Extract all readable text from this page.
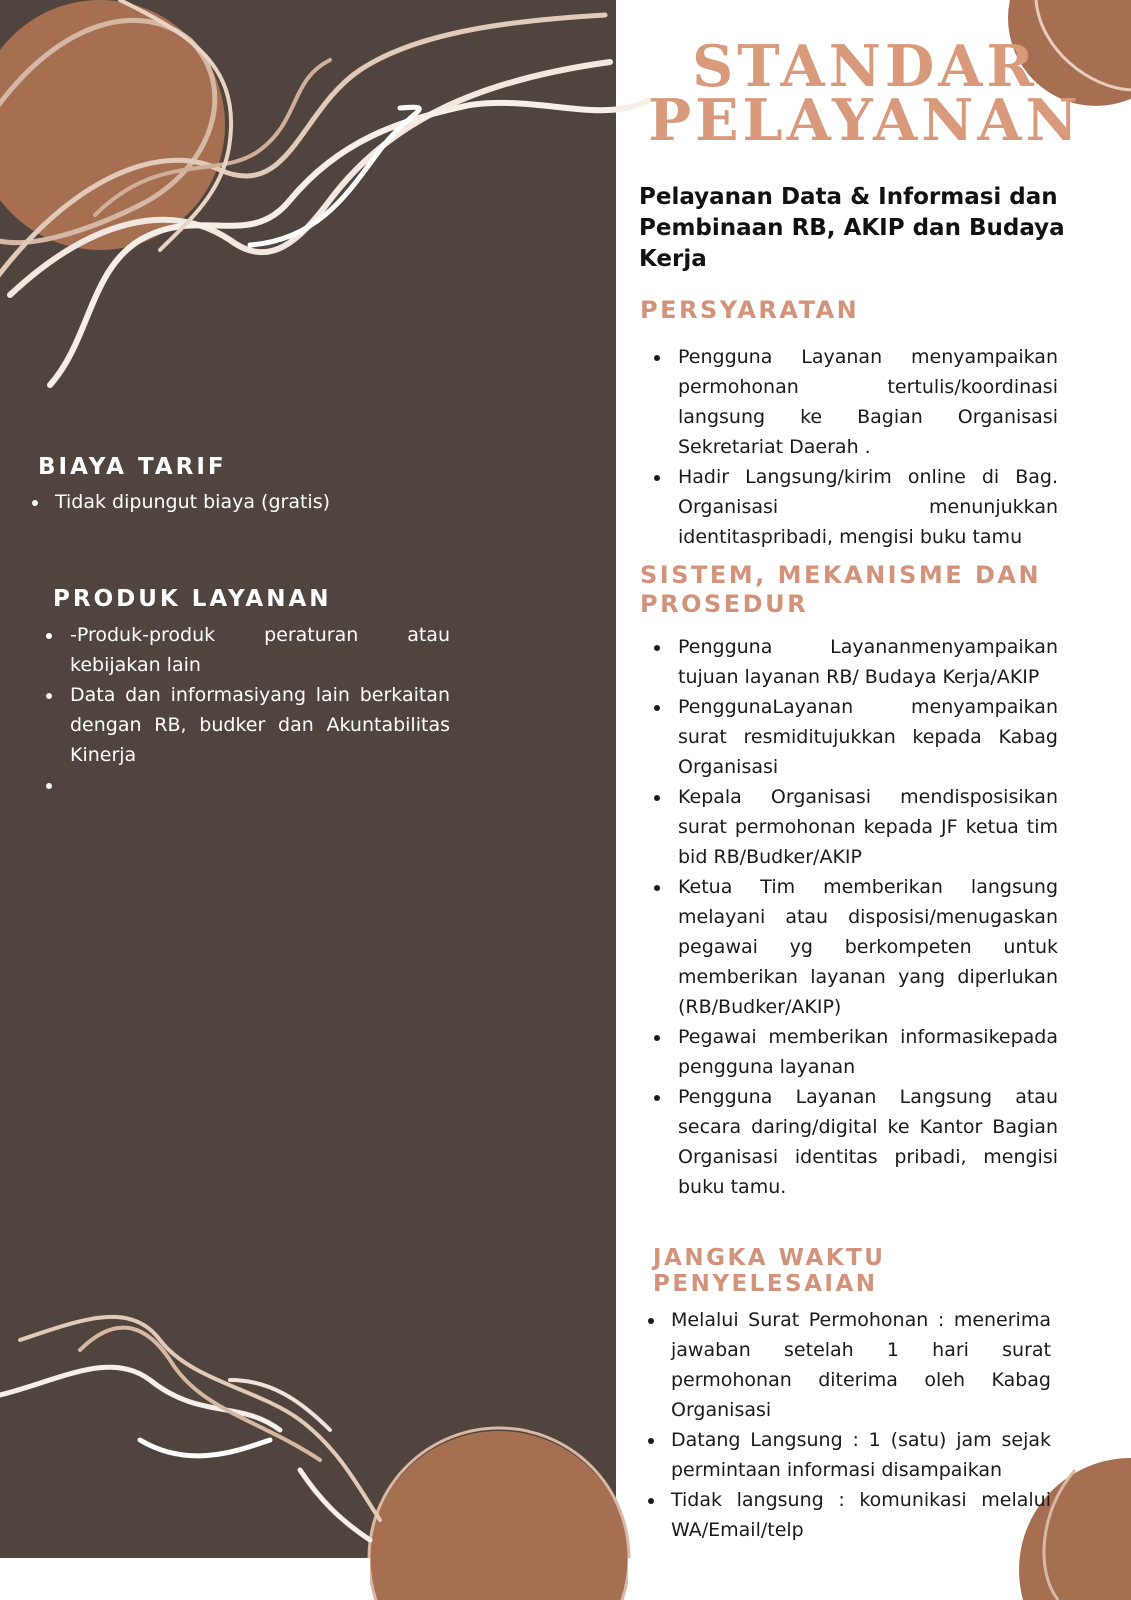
STANDAR
PELAYANAN
Pelayanan Data & Informasi dan Pembinaan RB, AKIP dan Budaya Kerja
PERSYARATAN
Pengguna Layanan menyampaikan permohonan tertulis/koordinasi langsung ke Bagian Organisasi Sekretariat Daerah .
Hadir Langsung/kirim online di Bag. Organisasi menunjukkan identitaspribadi, mengisi buku tamu
SISTEM, MEKANISME DAN PROSEDUR
Pengguna Layananmenyampaikan tujuan layanan RB/ Budaya Kerja/AKIP
PenggunaLayanan menyampaikan surat resmiditujukkan kepada Kabag Organisasi
Kepala Organisasi mendisposisikan surat permohonan kepada JF ketua tim bid RB/Budker/AKIP
Ketua Tim memberikan langsung melayani atau disposisi/menugaskan pegawai yg berkompeten untuk memberikan layanan yang diperlukan (RB/Budker/AKIP)
Pegawai memberikan informasikepada pengguna layanan
Pengguna Layanan Langsung atau secara daring/digital ke Kantor Bagian Organisasi identitas pribadi, mengisi buku tamu.
JANGKA WAKTU PENYELESAIAN
Melalui Surat Permohonan : menerima jawaban setelah 1 hari surat permohonan diterima oleh Kabag Organisasi
Datang Langsung : 1 (satu) jam sejak permintaan informasi disampaikan
Tidak langsung : komunikasi melalui WA/Email/telp
BIAYA TARIF
Tidak dipungut biaya (gratis)
PRODUK LAYANAN
-Produk-produk peraturan atau kebijakan lain
Data dan informasiyang lain berkaitan dengan RB, budker dan Akuntabilitas Kinerja
